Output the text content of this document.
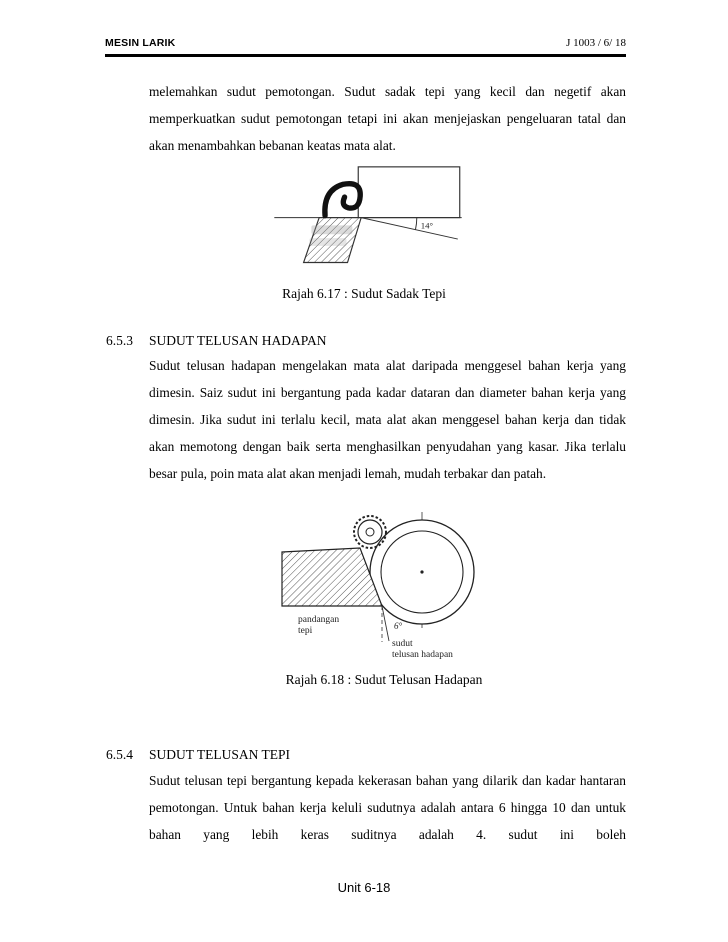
MESIN LARIK	J 1003 / 6/ 18

melemahkan sudut pemotongan. Sudut sadak tepi yang kecil dan negetif akan memperkuatkan sudut pemotongan tetapi ini akan menjejaskan pengeluaran tatal dan akan menambahkan bebanan keatas mata alat.

14°
Rajah 6.17 : Sudut Sadak Tepi
6.5.3 SUDUT TELUSAN HADAPAN

Sudut telusan hadapan mengelakan mata alat daripada menggesel bahan kerja yang dimesin. Saiz sudut ini bergantung pada kadar dataran dan diameter bahan kerja yang dimesin. Jika sudut ini terlalu kecil, mata alat akan menggesel bahan kerja dan tidak akan memotong dengan baik serta menghasilkan penyudahan yang kasar. Jika terlalu besar pula, poin mata alat akan menjadi lemah, mudah terbakar dan patah.

pandangan
tepi	6°
sudut
telusan hadapan
Rajah 6.18 : Sudut Telusan Hadapan
6.5.4 SUDUT TELUSAN TEPI

Sudut telusan tepi bergantung kepada kekerasan bahan yang dilarik dan kadar hantaran pemotongan. Untuk bahan kerja keluli sudutnya adalah antara 6 hingga 10 dan untuk bahan yang lebih keras suditnya adalah 4. sudut ini boleh

Unit 6-18
